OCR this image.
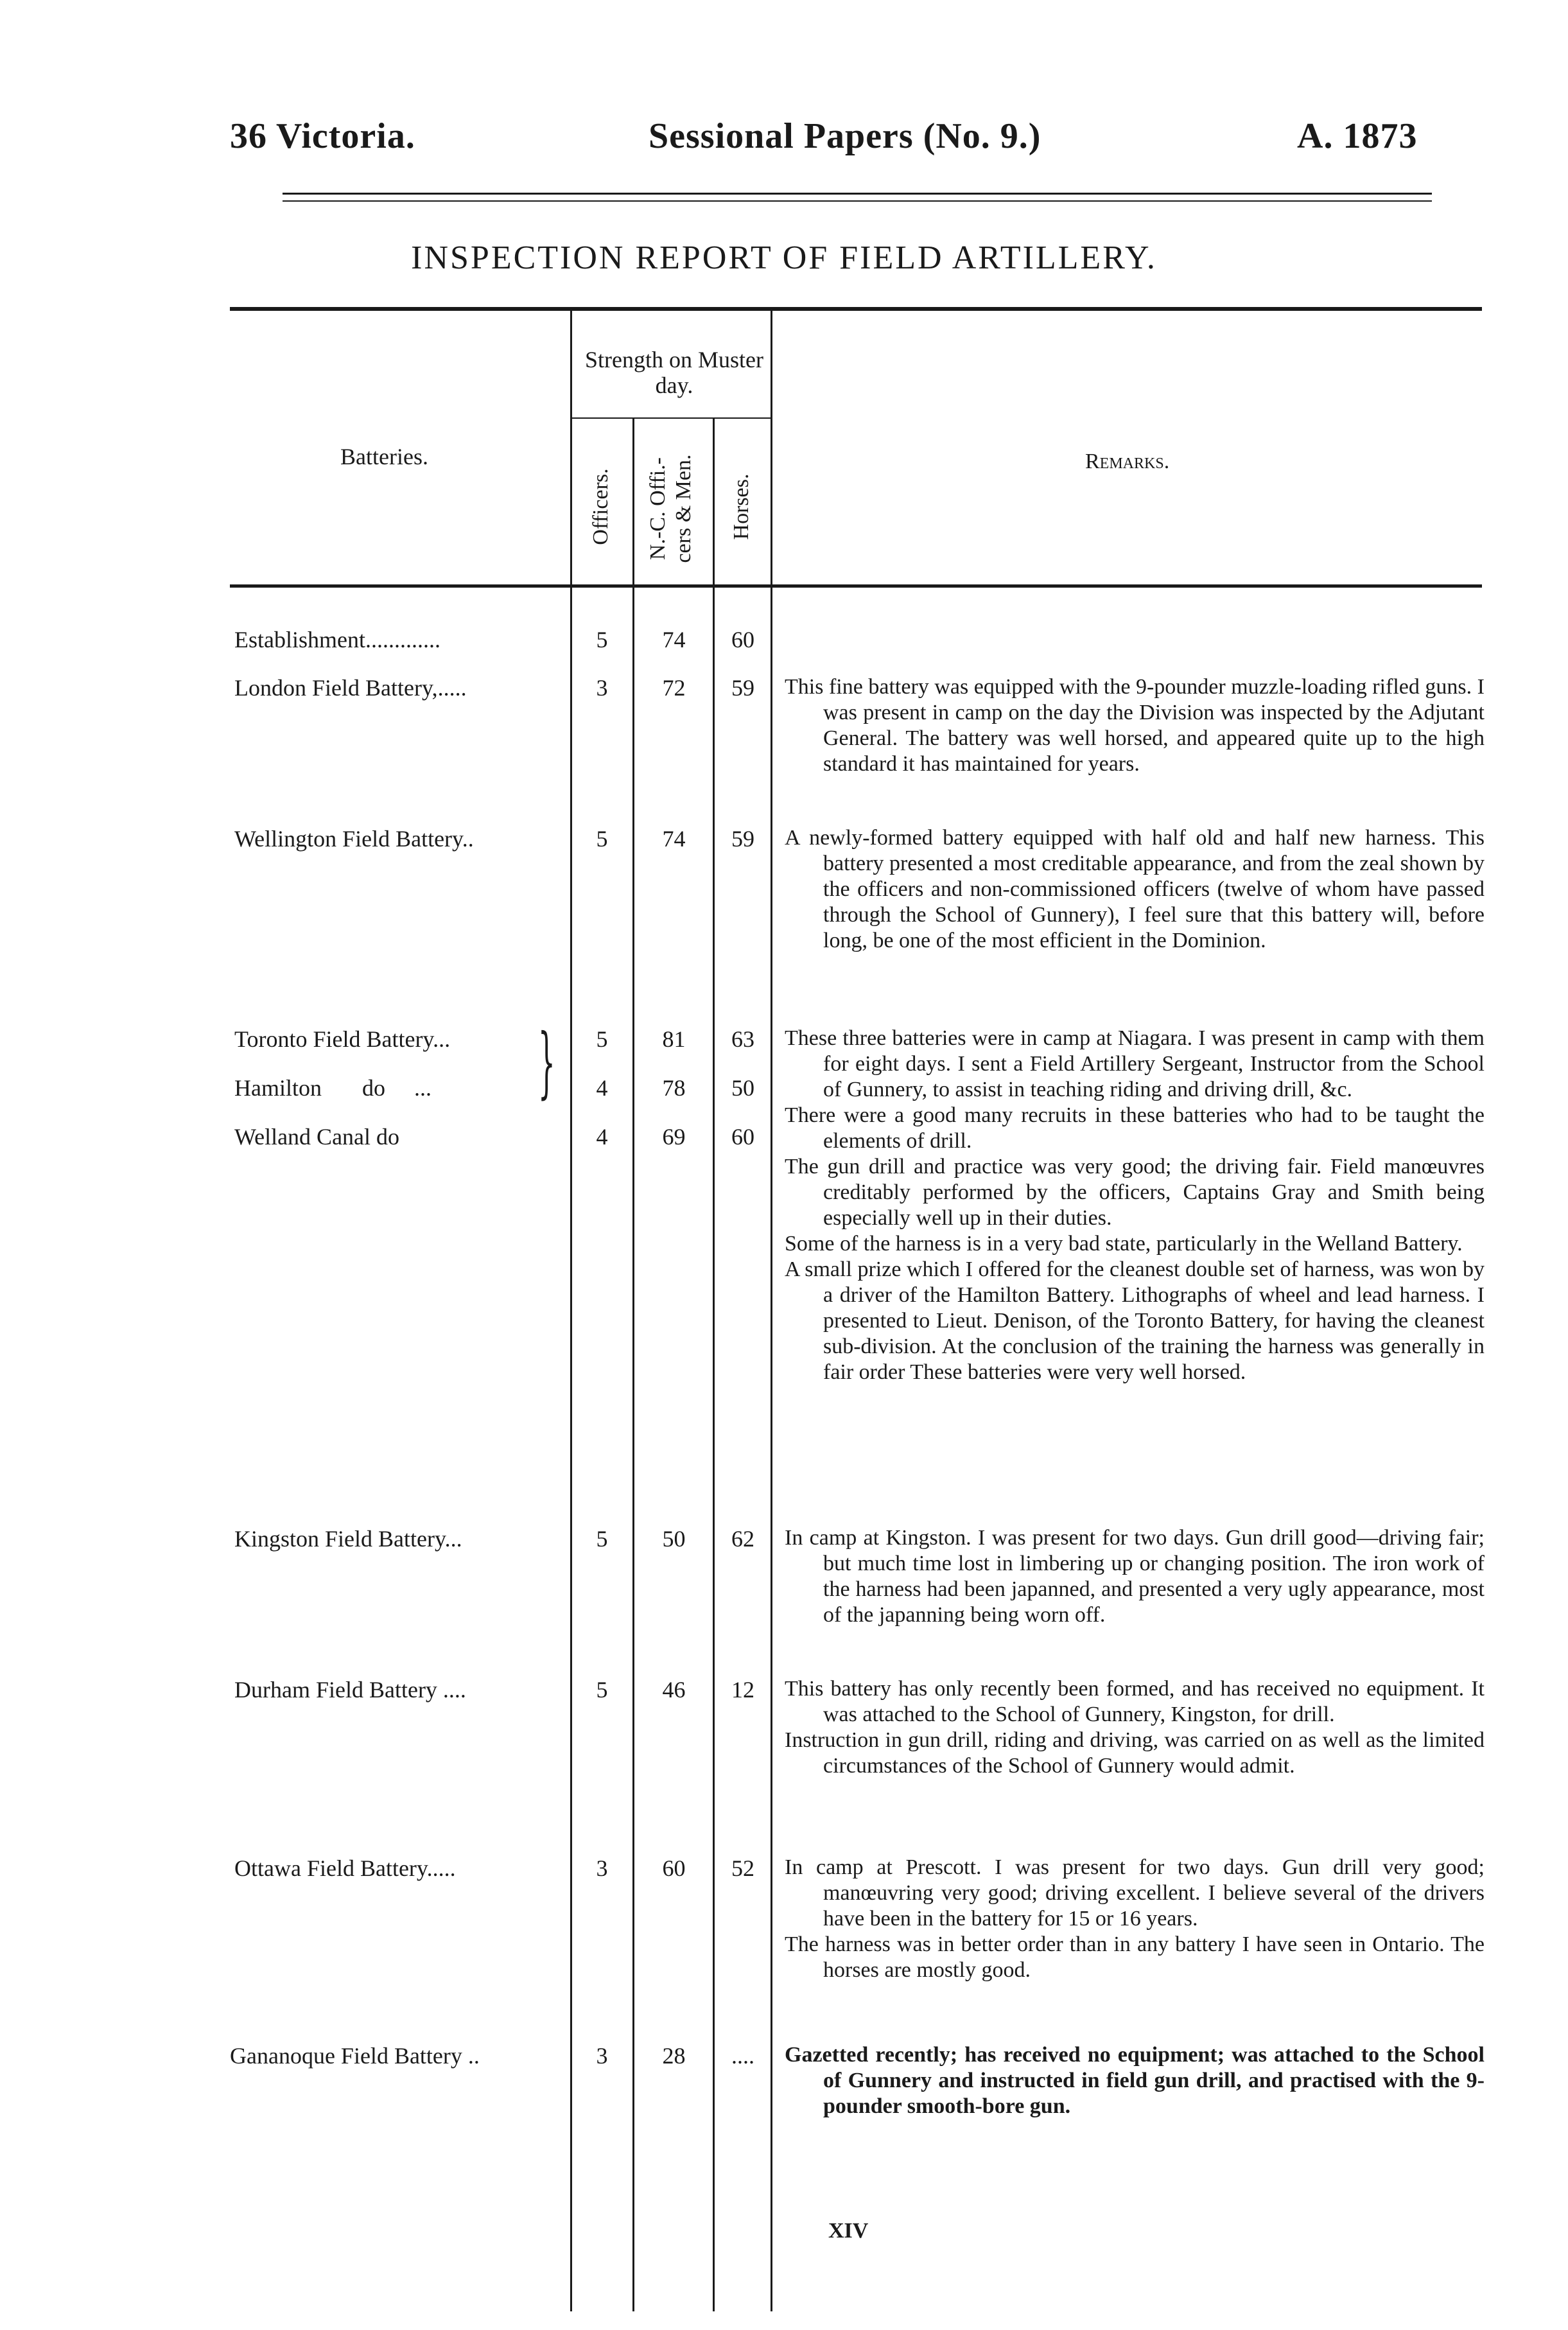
36 Victoria.	Sessional Papers (No. 9.)	A. 1873
INSPECTION REPORT OF FIELD ARTILLERY.
Batteries.
Strength on Muster day.
Officers. N.-C. Offi.- cers & Men. Horses.
Remarks.
Establishment.............	5	74	60
London Field Battery,.....	3	72	59	This fine battery was equipped with the 9-pounder muzzle-loading rifled guns. I was present in camp on the day the Division was inspected by the Adjutant General. The battery was well horsed, and appeared quite up to the high standard it has maintained for years.

Wellington Field Battery..	5	74	59	A newly-formed battery equipped with half old and half new harness. This battery presented a most creditable appearance, and from the zeal shown by the officers and non-commissioned officers (twelve of whom have passed through the School of Gunnery), I feel sure that this battery will, before long, be one of the most efficient in the Dominion.

Toronto Field Battery...	5	81	63
Hamilton       do     ...	4	78	50
Welland Canal do	4	69	60
}	These three batteries were in camp at Niagara. I was present in camp with them for eight days. I sent a Field Artillery Sergeant, Instructor from the School of Gunnery, to assist in teaching riding and driving drill, &c.

There were a good many recruits in these batteries who had to be taught the elements of drill.

The gun drill and practice was very good; the driving fair. Field manœuvres creditably performed by the officers, Captains Gray and Smith being especially well up in their duties.

Some of the harness is in a very bad state, particularly in the Welland Battery.

A small prize which I offered for the cleanest double set of harness, was won by a driver of the Hamilton Battery. Lithographs of wheel and lead harness. I presented to Lieut. Denison, of the Toronto Battery, for having the cleanest sub-division. At the conclusion of the training the harness was generally in fair order These batteries were very well horsed.

Kingston Field Battery...	5	50	62	In camp at Kingston. I was present for two days. Gun drill good—driving fair; but much time lost in limbering up or changing position. The iron work of the harness had been japanned, and presented a very ugly appearance, most of the japanning being worn off.

Durham Field Battery ....	5	46	12	This battery has only recently been formed, and has received no equipment. It was attached to the School of Gunnery, Kingston, for drill.

Instruction in gun drill, riding and driving, was carried on as well as the limited circumstances of the School of Gunnery would admit.

Ottawa Field Battery.....	3	60	52	In camp at Prescott. I was present for two days. Gun drill very good; manœuvring very good; driving excellent. I believe several of the drivers have been in the battery for 15 or 16 years.

The harness was in better order than in any battery I have seen in Ontario. The horses are mostly good.

Gananoque Field Battery ..	3	28	....	Gazetted recently; has received no equipment; was attached to the School of Gunnery and instructed in field gun drill, and practised with the 9-pounder smooth-bore gun.

XIV
